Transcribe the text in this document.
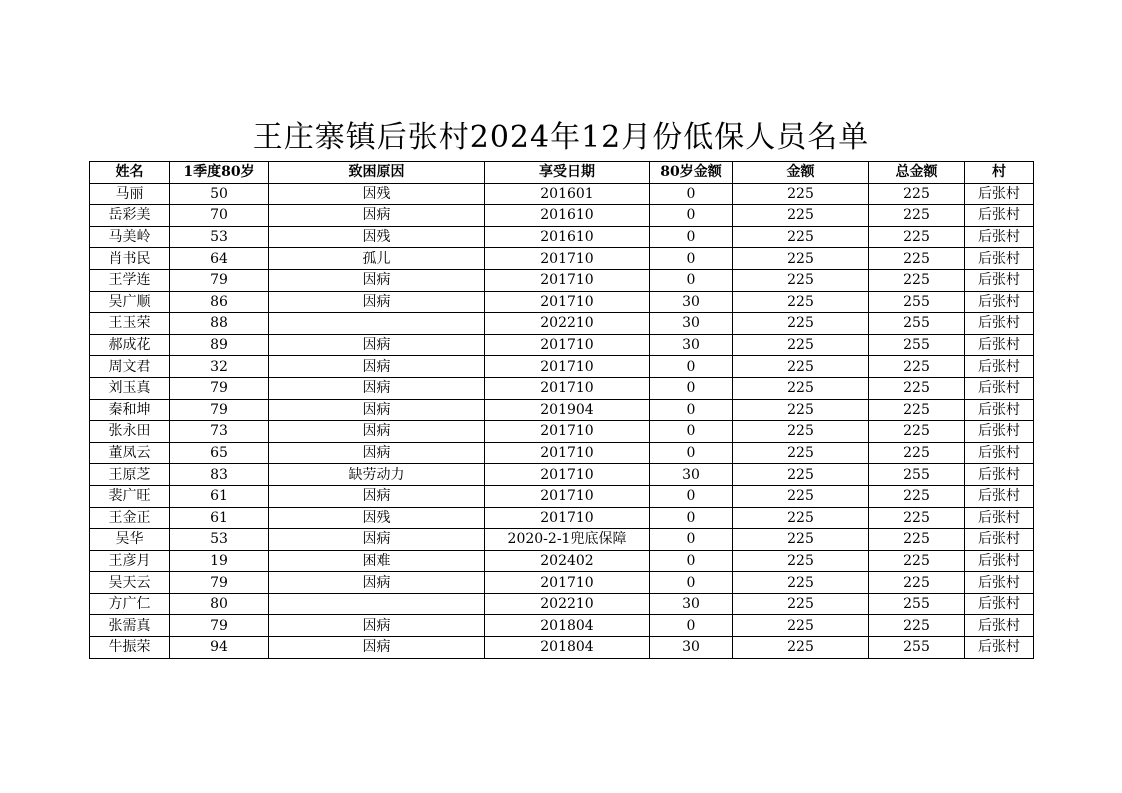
王庄寨镇后张村2024年12月份低保人员名单
姓名	1季度80岁	致困原因	享受日期	80岁金额	金额	总金额	村
马丽	50	因残	201601	0	225	225	后张村
岳彩美	70	因病	201610	0	225	225	后张村
马美岭	53	因残	201610	0	225	225	后张村
肖书民	64	孤儿	201710	0	225	225	后张村
王学连	79	因病	201710	0	225	225	后张村
吴广顺	86	因病	201710	30	225	255	后张村
王玉荣	88		202210	30	225	255	后张村
郝成花	89	因病	201710	30	225	255	后张村
周文君	32	因病	201710	0	225	225	后张村
刘玉真	79	因病	201710	0	225	225	后张村
秦和坤	79	因病	201904	0	225	225	后张村
张永田	73	因病	201710	0	225	225	后张村
董凤云	65	因病	201710	0	225	225	后张村
王原芝	83	缺劳动力	201710	30	225	255	后张村
裴广旺	61	因病	201710	0	225	225	后张村
王金正	61	因残	201710	0	225	225	后张村
吴华	53	因病	2020-2-1兜底保障	0	225	225	后张村
王彦月	19	困难	202402	0	225	225	后张村
吴天云	79	因病	201710	0	225	225	后张村
方广仁	80		202210	30	225	255	后张村
张需真	79	因病	201804	0	225	225	后张村
牛振荣	94	因病	201804	30	225	255	后张村
